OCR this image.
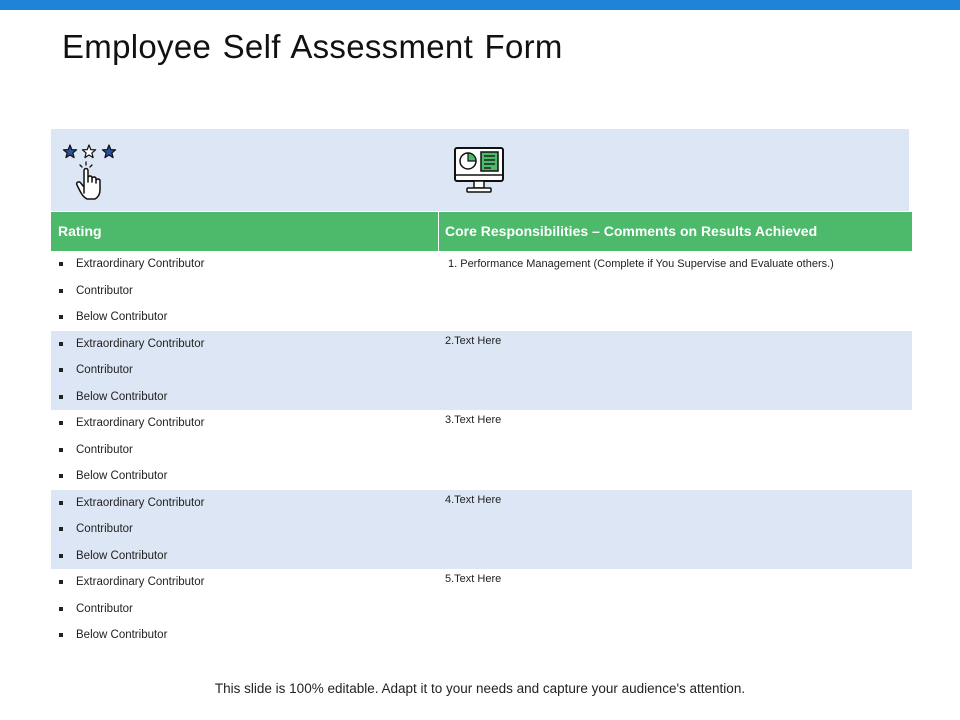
Employee Self Assessment Form
Rating	Core Responsibilities – Comments on Results Achieved
Extraordinary Contributor
Contributor
Below Contributor
1. Performance Management (Complete if You Supervise and Evaluate others.)
Extraordinary Contributor
Contributor
Below Contributor
2.Text Here
Extraordinary Contributor
Contributor
Below Contributor
3.Text Here
Extraordinary Contributor
Contributor
Below Contributor
4.Text Here
Extraordinary Contributor
Contributor
Below Contributor
5.Text Here
This slide is 100% editable. Adapt it to your needs and capture your audience's attention.
